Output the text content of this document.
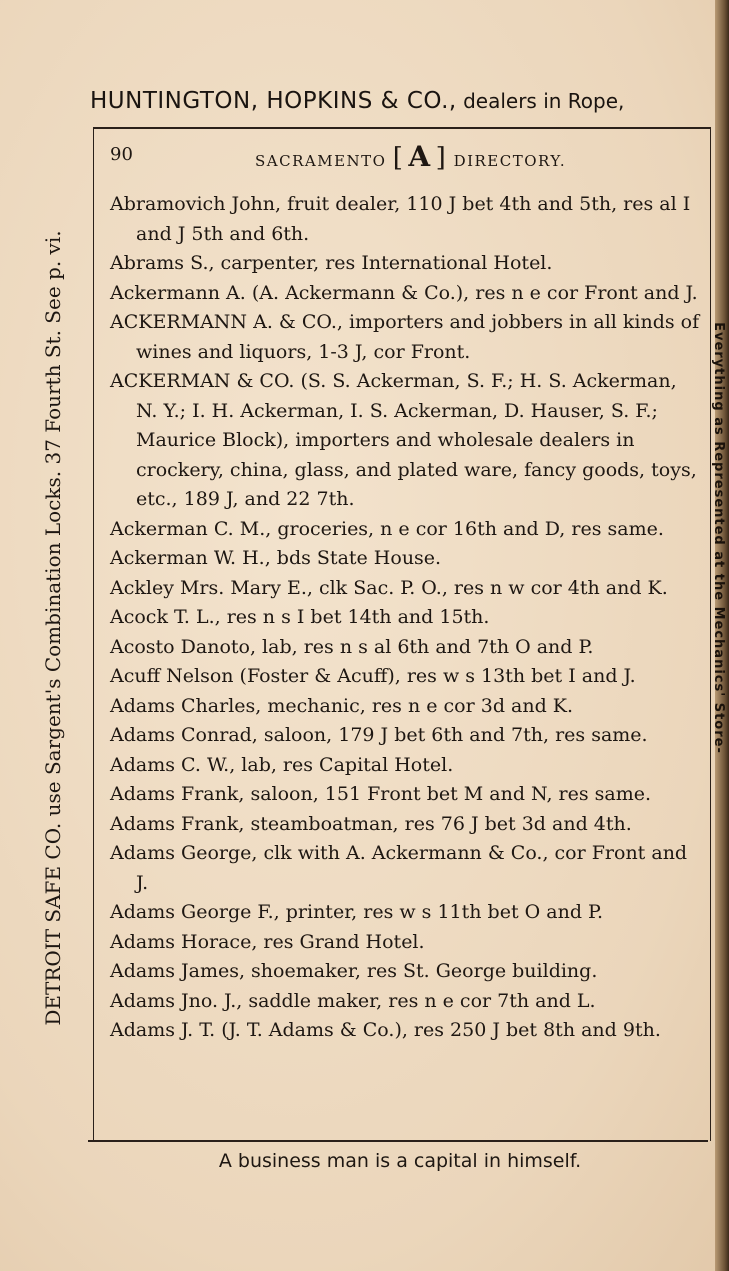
HUNTINGTON, HOPKINS & CO., dealers in Rope,
90	SACRAMENTO [ A ] DIRECTORY.
Abramovich John, fruit dealer, 110 J bet 4th and 5th, res al I and J 5th and 6th.
Abrams S., carpenter, res International Hotel.
Ackermann A. (A. Ackermann & Co.), res n e cor Front and J.
ACKERMANN A. & CO., importers and jobbers in all kinds of wines and liquors, 1-3 J, cor Front.
ACKERMAN & CO. (S. S. Ackerman, S. F.; H. S. Ackerman, N. Y.; I. H. Ackerman, I. S. Ackerman, D. Hauser, S. F.; Maurice Block), importers and wholesale dealers in crockery, china, glass, and plated ware, fancy goods, toys, etc., 189 J, and 22 7th.
Ackerman C. M., groceries, n e cor 16th and D, res same.
Ackerman W. H., bds State House.
Ackley Mrs. Mary E., clk Sac. P. O., res n w cor 4th and K.
Acock T. L., res n s I bet 14th and 15th.
Acosto Danoto, lab, res n s al 6th and 7th O and P.
Acuff Nelson (Foster & Acuff), res w s 13th bet I and J.
Adams Charles, mechanic, res n e cor 3d and K.
Adams Conrad, saloon, 179 J bet 6th and 7th, res same.
Adams C. W., lab, res Capital Hotel.
Adams Frank, saloon, 151 Front bet M and N, res same.
Adams Frank, steamboatman, res 76 J bet 3d and 4th.
Adams George, clk with A. Ackermann & Co., cor Front and J.
Adams George F., printer, res w s 11th bet O and P.
Adams Horace, res Grand Hotel.
Adams James, shoemaker, res St. George building.
Adams Jno. J., saddle maker, res n e cor 7th and L.
Adams J. T. (J. T. Adams & Co.), res 250 J bet 8th and 9th.
A business man is a capital in himself.
DETROIT SAFE CO. use Sargent's Combination Locks. 37 Fourth St. See p. vi.	Everything as Represented at the Mechanics' Store-
